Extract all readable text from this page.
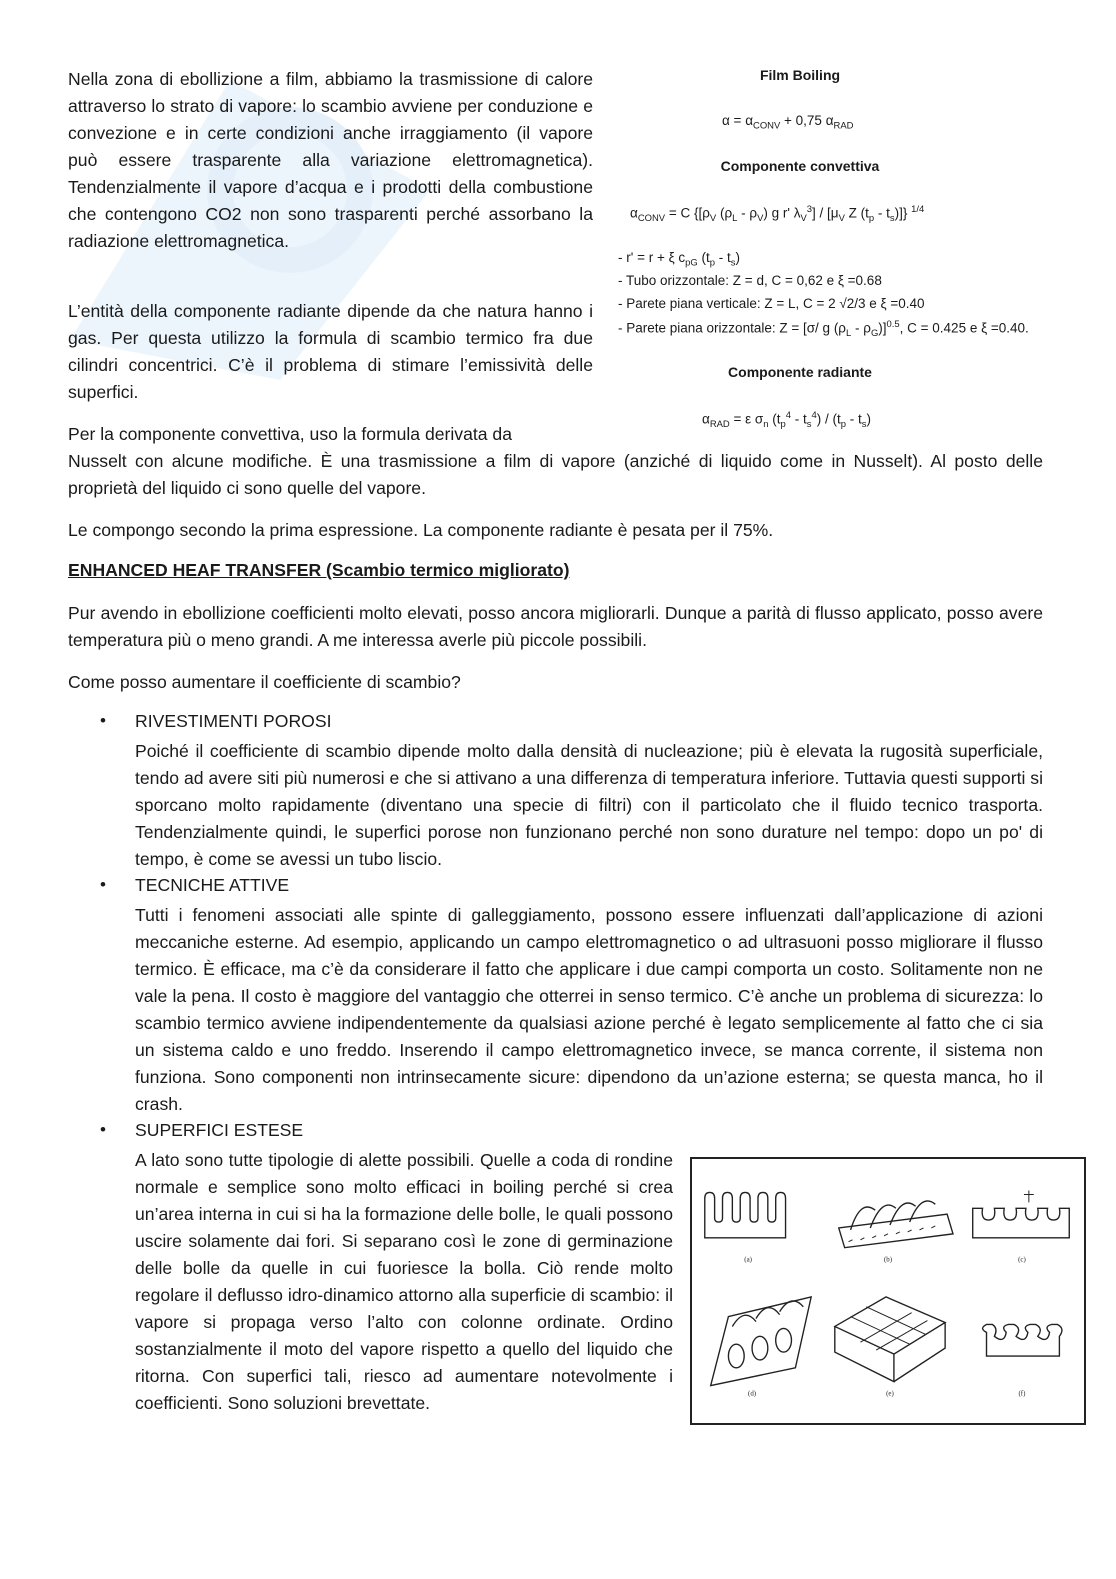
Nella zona di ebollizione a film, abbiamo la trasmissione di calore attraverso lo strato di vapore: lo scambio avviene per conduzione e convezione e in certe condizioni anche irraggiamento (il vapore può essere trasparente alla variazione elettromagnetica). Tendenzialmente il vapore d’acqua e i prodotti della combustione che contengono CO2 non sono trasparenti perché assorbano la radiazione elettromagnetica.

L’entità della componente radiante dipende da che natura hanno i gas. Per questa utilizzo la formula di scambio termico fra due cilindri concentrici. C’è il problema di stimare l’emissività delle superfici.

Per la componente convettiva, uso la formula derivata da

Nusselt con alcune modifiche. È una trasmissione a film di vapore (anziché di liquido come in Nusselt). Al posto delle proprietà del liquido ci sono quelle del vapore.

Film Boiling
$\alpha = \alpha_{CONV} + 0,75$ $\alpha_{RAD}$
Componente convettiva
$\alpha_{CONV} = C$ {[$\rho_V$ $(\rho_L - \rho_V)$ g r' $\lambda_V^3] / [\mu_V$ Z $(t_p - t_s)$]} $^{1/4}$
- r' = r + ξ $c_{pG}$ $(t_p - t_s)$
- Tubo orizzontale: Z = d, C = 0,62 e ξ =0.68
- Parete piana verticale: Z = L, C = 2 √2/3 e ξ =0.40
- Parete piana orizzontale: Z = [σ/ g $(\rho_L - \rho_G)]^{0.5}$, C = 0.425 e ξ =0.40.
Componente radiante
$\alpha_{RAD} = \varepsilon$ $\sigma_n$ $(t_p^4 - t_s^4) / (t_p - t_s)$

Le compongo secondo la prima espressione. La componente radiante è pesata per il 75%.

ENHANCED HEAF TRANSFER (Scambio termico migliorato)

Pur avendo in ebollizione coefficienti molto elevati, posso ancora migliorarli. Dunque a parità di flusso applicato, posso avere temperatura più o meno grandi. A me interessa averle più piccole possibili.

Come posso aumentare il coefficiente di scambio?

• RIVESTIMENTI POROSI

Poiché il coefficiente di scambio dipende molto dalla densità di nucleazione; più è elevata la rugosità superficiale, tendo ad avere siti più numerosi e che si attivano a una differenza di temperatura inferiore. Tuttavia questi supporti si sporcano molto rapidamente (diventano una specie di filtri) con il particolato che il fluido tecnico trasporta. Tendenzialmente quindi, le superfici porose non funzionano perché non sono durature nel tempo: dopo un po' di tempo, è come se avessi un tubo liscio.

• TECNICHE ATTIVE

Tutti i fenomeni associati alle spinte di galleggiamento, possono essere influenzati dall’applicazione di azioni meccaniche esterne. Ad esempio, applicando un campo elettromagnetico o ad ultrasuoni posso migliorare il flusso termico. È efficace, ma c’è da considerare il fatto che applicare i due campi comporta un costo. Solitamente non ne vale la pena. Il costo è maggiore del vantaggio che otterrei in senso termico. C’è anche un problema di sicurezza: lo scambio termico avviene indipendentemente da qualsiasi azione perché è legato semplicemente al fatto che ci sia un sistema caldo e uno freddo. Inserendo il campo elettromagnetico invece, se manca corrente, il sistema non funziona. Sono componenti non intrinsecamente sicure: dipendono da un’azione esterna; se questa manca, ho il crash.

• SUPERFICI ESTESE

A lato sono tutte tipologie di alette possibili. Quelle a coda di rondine normale e semplice sono molto efficaci in boiling perché si crea un’area interna in cui si ha la formazione delle bolle, le quali possono uscire solamente dai fori. Si separano così le zone di germinazione delle bolle da quelle in cui fuoriesce la bolla. Ciò rende molto regolare il deflusso idro-dinamico attorno alla superficie di scambio: il vapore si propaga verso l’alto con colonne ordinate. Ordino sostanzialmente il moto del vapore rispetto a quello del liquido che ritorna. Con superfici tali, riesco ad aumentare notevolmente i coefficienti. Sono soluzioni brevettate.

(a)	(b)	(c)
(d)	(e)	(f)
